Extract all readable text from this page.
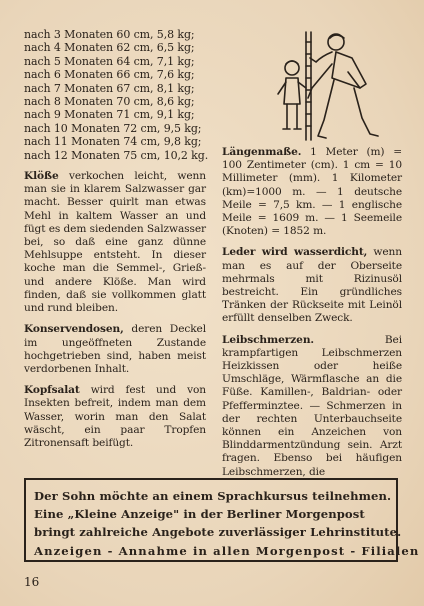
nach 3 Monaten 60 cm, 5,8 kg;
nach 4 Monaten 62 cm, 6,5 kg;
nach 5 Monaten 64 cm, 7,1 kg;
nach 6 Monaten 66 cm, 7,6 kg;
nach 7 Monaten 67 cm, 8,1 kg;
nach 8 Monaten 70 cm, 8,6 kg;
nach 9 Monaten 71 cm, 9,1 kg;
nach 10 Monaten 72 cm, 9,5 kg;
nach 11 Monaten 74 cm, 9,8 kg;
nach 12 Monaten 75 cm, 10,2 kg.

Klöße verkochen leicht, wenn man sie in klarem Salzwasser gar macht. Besser quirlt man etwas Mehl in kaltem Wasser an und fügt es dem siedenden Salzwasser bei, so daß eine ganz dünne Mehlsuppe entsteht. In dieser koche man die Semmel-, Grieß- und andere Klöße. Man wird finden, daß sie vollkommen glatt und rund bleiben.

Konservendosen, deren Deckel im ungeöffneten Zustande hochgetrieben sind, haben meist verdorbenen Inhalt.

Kopfsalat wird fest und von Insekten befreit, indem man dem Wasser, worin man den Salat wäscht, ein paar Tropfen Zitronensaft beifügt.

Längenmaße. 1 Meter (m) = 100 Zentimeter (cm). 1 cm = 10 Millimeter (mm). 1 Kilometer (km)=1000 m. — 1 deutsche Meile = 7,5 km. — 1 englische Meile = 1609 m. — 1 Seemeile (Knoten) = 1852 m.

Leder wird wasserdicht, wenn man es auf der Oberseite mehrmals mit Rizinusöl bestreicht. Ein gründliches Tränken der Rückseite mit Leinöl erfüllt denselben Zweck.

Leibschmerzen.	Bei krampfartigen Leibschmerzen Heizkissen oder heiße Umschläge, Wärmflasche an die Füße. Kamillen-, Baldrian- oder Pfefferminztee. — Schmerzen in der rechten Unterbauchseite können ein Anzeichen von Blinddarmentzündung sein. Arzt fragen. Ebenso bei häufigen Leibschmerzen, die

Der Sohn möchte an einem Sprachkursus teilnehmen.
Eine „Kleine Anzeige" in der Berliner Morgenpost
bringt zahlreiche Angebote zuverlässiger Lehrinstitute.
Anzeigen - Annahme in allen Morgenpost - Filialen
16
